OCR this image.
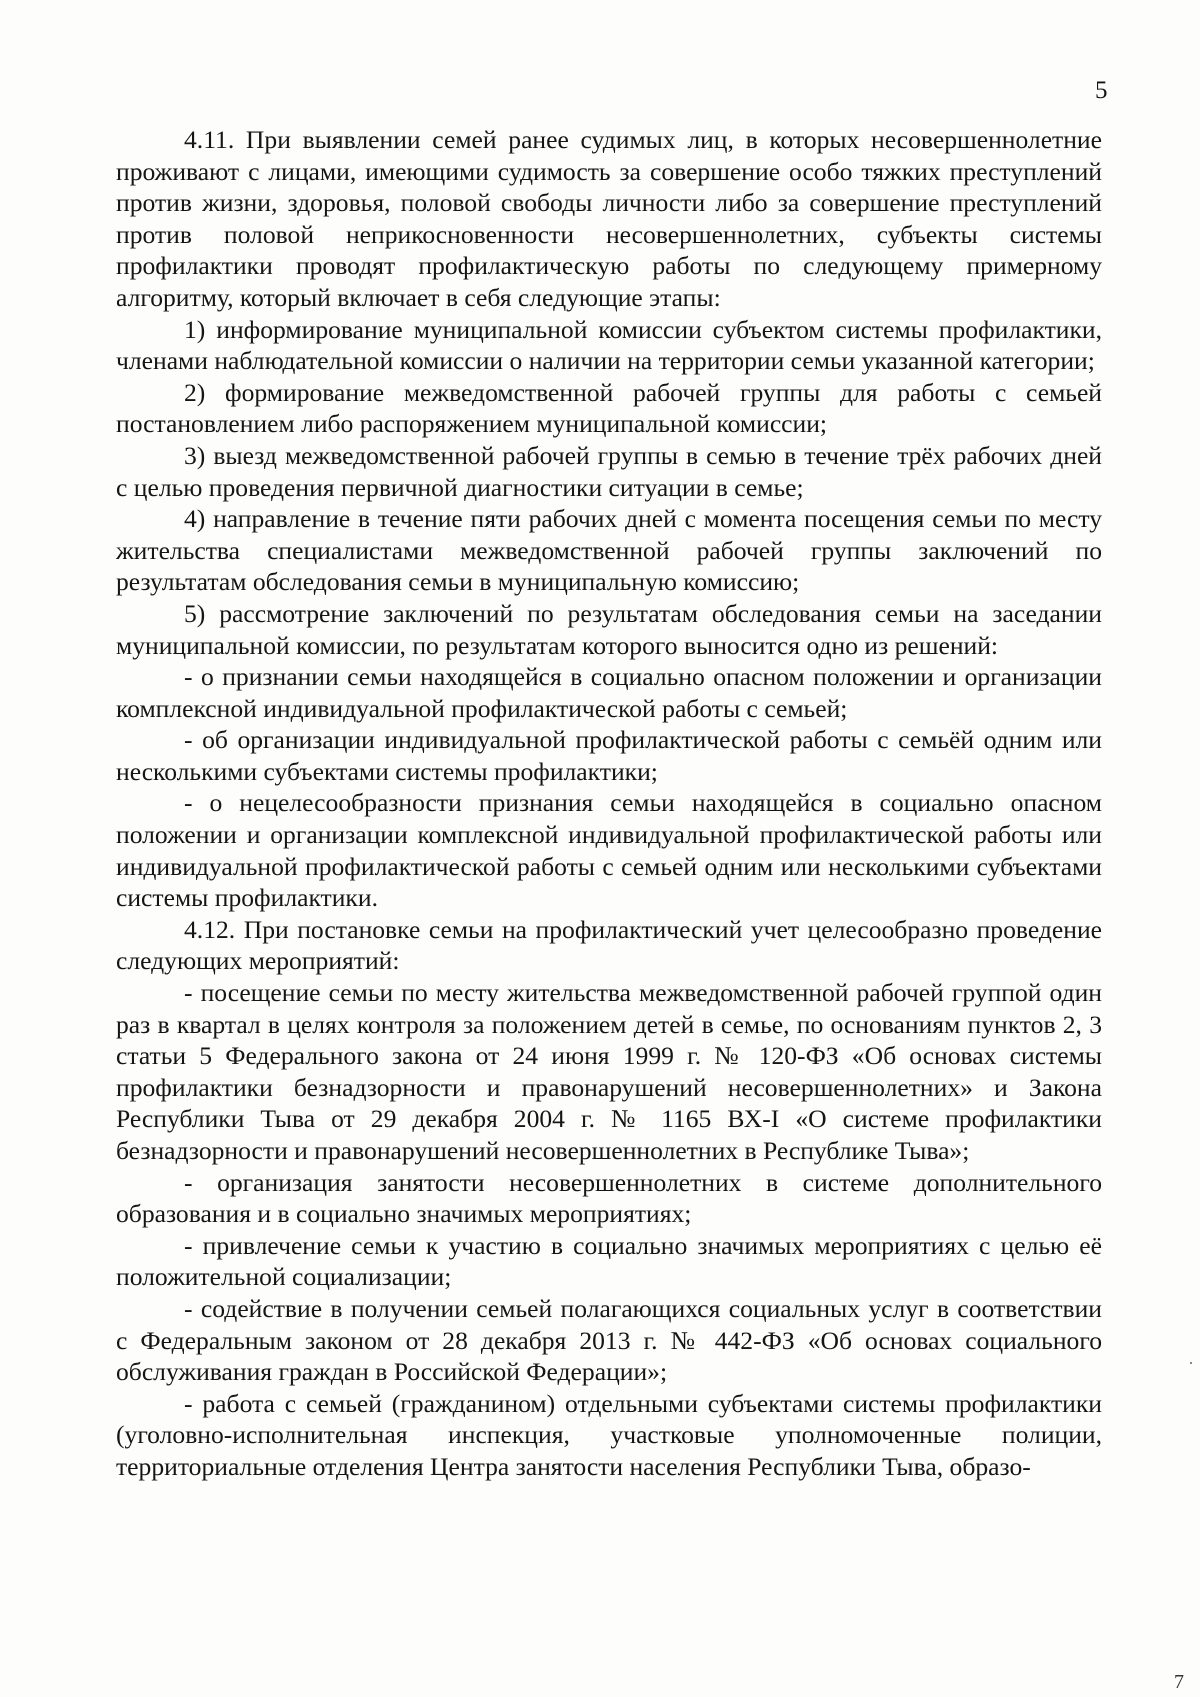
5

4.11. При выявлении семей ранее судимых лиц, в которых несовершеннолетние проживают с лицами, имеющими судимость за совершение особо тяжких преступлений против жизни, здоровья, половой свободы личности либо за совершение преступлений против половой неприкосновенности несовершеннолетних, субъекты системы профилактики проводят профилактическую работы по следующему примерному алгоритму, который включает в себя следующие этапы:

1) информирование муниципальной комиссии субъектом системы профилактики, членами наблюдательной комиссии о наличии на территории семьи указанной категории;

2) формирование межведомственной рабочей группы для работы с семьей постановлением либо распоряжением муниципальной комиссии;

3) выезд межведомственной рабочей группы в семью в течение трёх рабочих дней с целью проведения первичной диагностики ситуации в семье;

4) направление в течение пяти рабочих дней с момента посещения семьи по месту жительства специалистами межведомственной рабочей группы заключений по результатам обследования семьи в муниципальную комиссию;

5) рассмотрение заключений по результатам обследования семьи на заседании муниципальной комиссии, по результатам которого выносится одно из решений:

- о признании семьи находящейся в социально опасном положении и организации комплексной индивидуальной профилактической работы с семьей;

- об организации индивидуальной профилактической работы с семьёй одним или несколькими субъектами системы профилактики;

- о нецелесообразности признания семьи находящейся в социально опасном положении и организации комплексной индивидуальной профилактической работы или индивидуальной профилактической работы с семьей одним или несколькими субъектами системы профилактики.

4.12. При постановке семьи на профилактический учет целесообразно проведение следующих мероприятий:

- посещение семьи по месту жительства межведомственной рабочей группой один раз в квартал в целях контроля за положением детей в семье, по основаниям пунктов 2, 3 статьи 5 Федерального закона от 24 июня 1999 г. № 120-ФЗ «Об основах системы профилактики безнадзорности и правонарушений несовершеннолетних» и Закона Республики Тыва от 29 декабря 2004 г. № 1165 ВХ-I «О системе профилактики безнадзорности и правонарушений несовершеннолетних в Республике Тыва»;

- организация занятости несовершеннолетних в системе дополнительного образования и в социально значимых мероприятиях;

- привлечение семьи к участию в социально значимых мероприятиях с целью её положительной социализации;

- содействие в получении семьей полагающихся социальных услуг в соответствии с Федеральным законом от 28 декабря 2013 г. № 442-ФЗ «Об основах социального обслуживания граждан в Российской Федерации»;

- работа с семьей (гражданином) отдельными субъектами системы профилактики (уголовно-исполнительная инспекция, участковые уполномоченные полиции, территориальные отделения Центра занятости населения Республики Тыва, образо-

7
